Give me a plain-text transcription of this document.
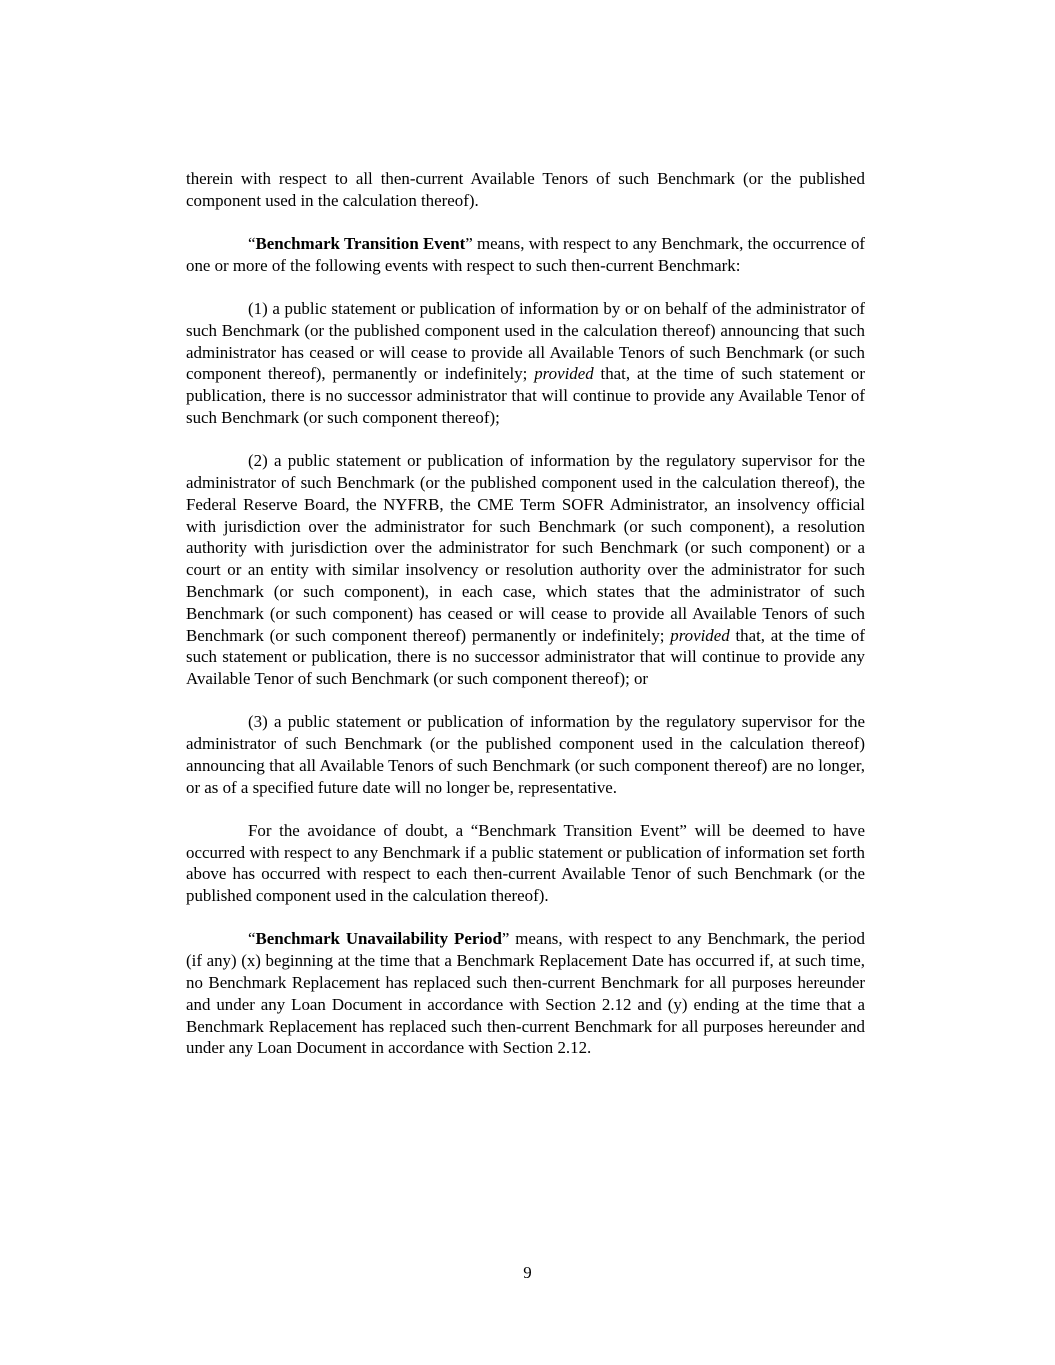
therein with respect to all then-current Available Tenors of such Benchmark (or the published component used in the calculation thereof).

“Benchmark Transition Event” means, with respect to any Benchmark, the occurrence of one or more of the following events with respect to such then-current Benchmark:

(1) a public statement or publication of information by or on behalf of the administrator of such Benchmark (or the published component used in the calculation thereof) announcing that such administrator has ceased or will cease to provide all Available Tenors of such Benchmark (or such component thereof), permanently or indefinitely; provided that, at the time of such statement or publication, there is no successor administrator that will continue to provide any Available Tenor of such Benchmark (or such component thereof);

(2) a public statement or publication of information by the regulatory supervisor for the administrator of such Benchmark (or the published component used in the calculation thereof), the Federal Reserve Board, the NYFRB, the CME Term SOFR Administrator, an insolvency official with jurisdiction over the administrator for such Benchmark (or such component), a resolution authority with jurisdiction over the administrator for such Benchmark (or such component) or a court or an entity with similar insolvency or resolution authority over the administrator for such Benchmark (or such component), in each case, which states that the administrator of such Benchmark (or such component) has ceased or will cease to provide all Available Tenors of such Benchmark (or such component thereof) permanently or indefinitely; provided that, at the time of such statement or publication, there is no successor administrator that will continue to provide any Available Tenor of such Benchmark (or such component thereof); or

(3) a public statement or publication of information by the regulatory supervisor for the administrator of such Benchmark (or the published component used in the calculation thereof) announcing that all Available Tenors of such Benchmark (or such component thereof) are no longer, or as of a specified future date will no longer be, representative.

For the avoidance of doubt, a “Benchmark Transition Event” will be deemed to have occurred with respect to any Benchmark if a public statement or publication of information set forth above has occurred with respect to each then-current Available Tenor of such Benchmark (or the published component used in the calculation thereof).

“Benchmark Unavailability Period” means, with respect to any Benchmark, the period (if any) (x) beginning at the time that a Benchmark Replacement Date has occurred if, at such time, no Benchmark Replacement has replaced such then-current Benchmark for all purposes hereunder and under any Loan Document in accordance with Section 2.12 and (y) ending at the time that a Benchmark Replacement has replaced such then-current Benchmark for all purposes hereunder and under any Loan Document in accordance with Section 2.12.

9
